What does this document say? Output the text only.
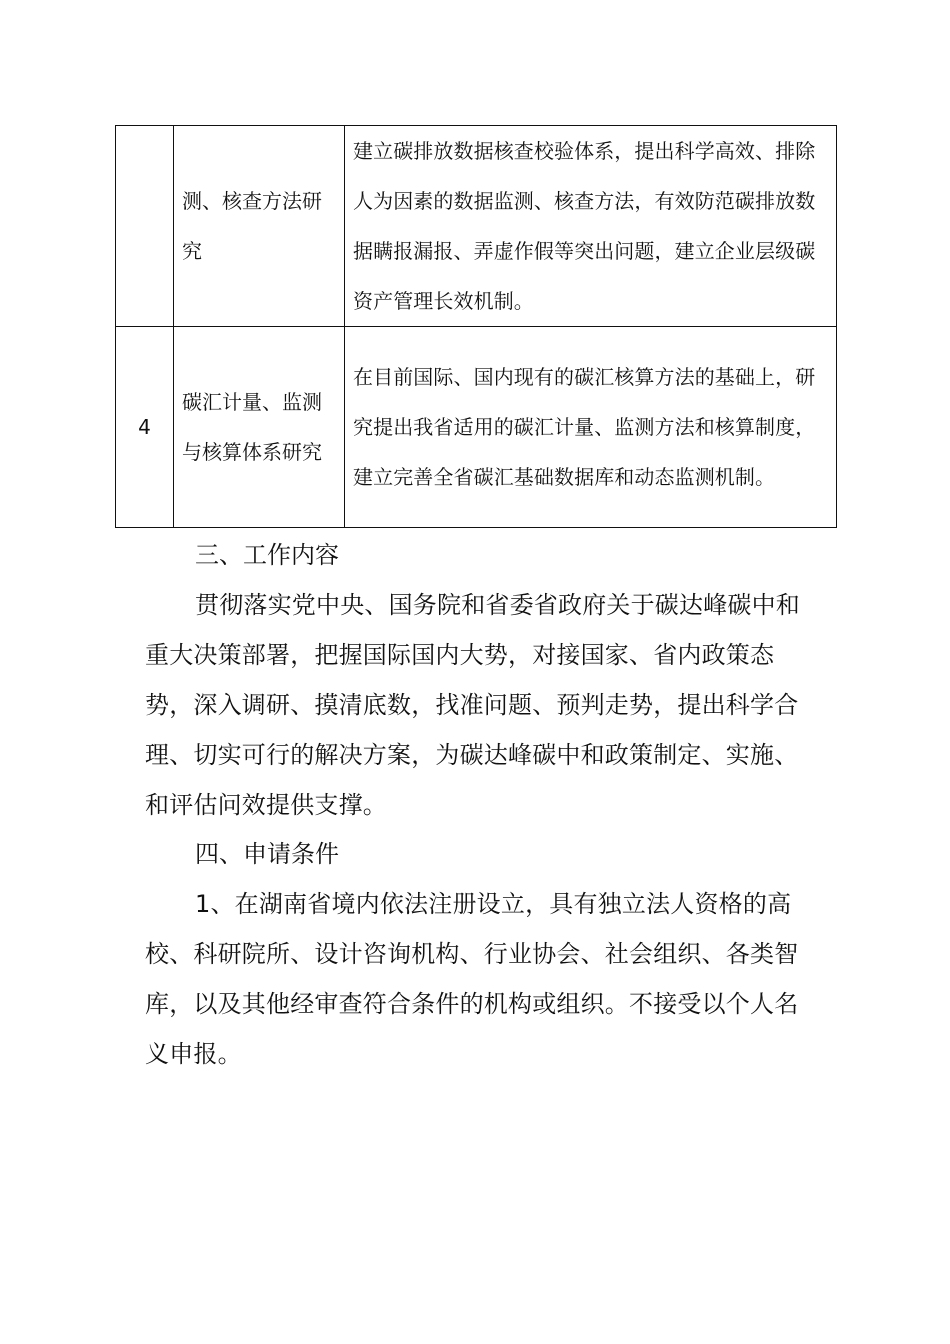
	测、核查方法研究	建立碳排放数据核查校验体系，提出科学高效、排除人为因素的数据监测、核查方法，有效防范碳排放数据瞒报漏报、弄虚作假等突出问题，建立企业层级碳资产管理长效机制。
4	碳汇计量、监测与核算体系研究	在目前国际、国内现有的碳汇核算方法的基础上，研究提出我省适用的碳汇计量、监测方法和核算制度，建立完善全省碳汇基础数据库和动态监测机制。

三、工作内容

贯彻落实党中央、国务院和省委省政府关于碳达峰碳中和重大决策部署，把握国际国内大势，对接国家、省内政策态势，深入调研、摸清底数，找准问题、预判走势，提出科学合理、切实可行的解决方案，为碳达峰碳中和政策制定、实施、和评估问效提供支撑。

四、申请条件

1、在湖南省境内依法注册设立，具有独立法人资格的高校、科研院所、设计咨询机构、行业协会、社会组织、各类智库，以及其他经审查符合条件的机构或组织。不接受以个人名义申报。
